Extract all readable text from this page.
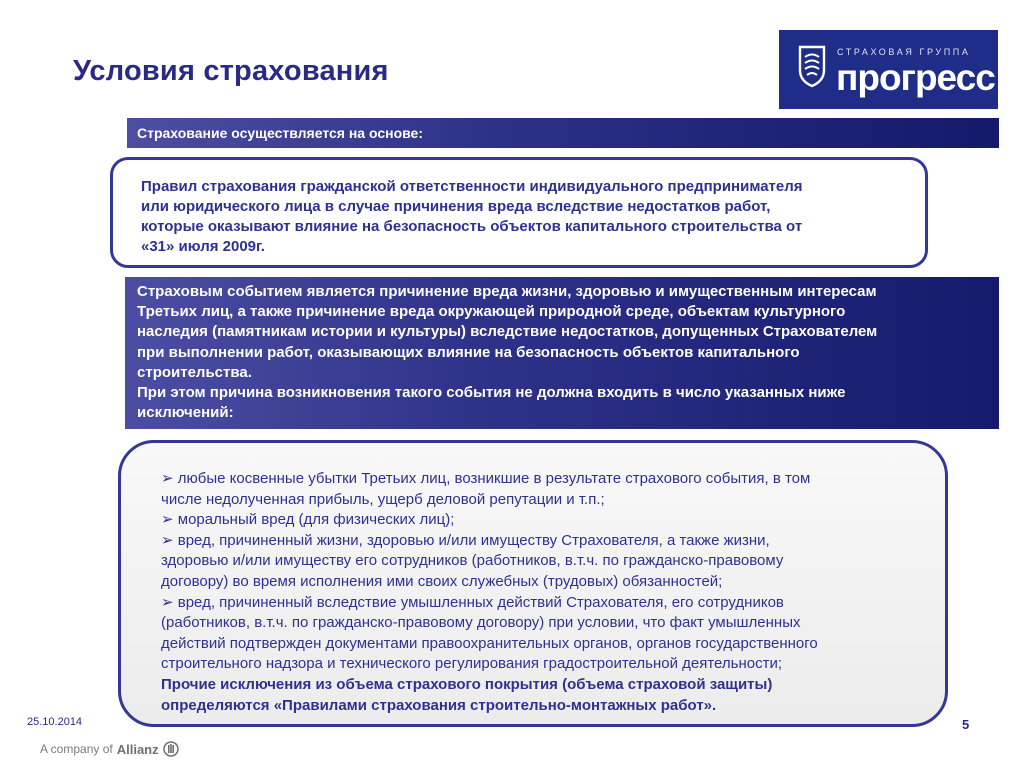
Условия страхования
СТРАХОВАЯ ГРУППА
прогресс
Страхование осуществляется на основе:
Правил страхования гражданской ответственности индивидуального предпринимателя
или юридического лица в случае причинения вреда вследствие недостатков работ,
которые оказывают влияние на безопасность объектов капитального строительства от
«31» июля 2009г.
Страховым событием является причинение вреда жизни, здоровью и имущественным интересам
Третьих лиц, а также причинение вреда окружающей природной среде, объектам культурного
наследия (памятникам истории и культуры) вследствие недостатков, допущенных Страхователем
при выполнении работ, оказывающих влияние на безопасность объектов капитального
строительства.
При этом причина возникновения такого события не должна входить в число указанных ниже
исключений:
➢ любые косвенные убытки Третьих лиц, возникшие в результате страхового события, в том
числе недолученная прибыль, ущерб деловой репутации и т.п.;
➢ моральный вред (для физических лиц);
➢ вред, причиненный жизни, здоровью и/или имуществу Страхователя, а также жизни,
здоровью и/или имуществу его сотрудников (работников, в.т.ч. по гражданско-правовому
договору) во время исполнения ими своих служебных (трудовых) обязанностей;
➢ вред, причиненный вследствие умышленных действий Страхователя, его сотрудников
(работников, в.т.ч. по гражданско-правовому договору) при условии, что факт умышленных
действий подтвержден документами правоохранительных органов, органов государственного
строительного надзора и технического регулирования градостроительной деятельности;
Прочие исключения из объема страхового покрытия (объема страховой защиты)
определяются «Правилами страхования строительно-монтажных работ».
25.10.2014	5
A company of Allianz
